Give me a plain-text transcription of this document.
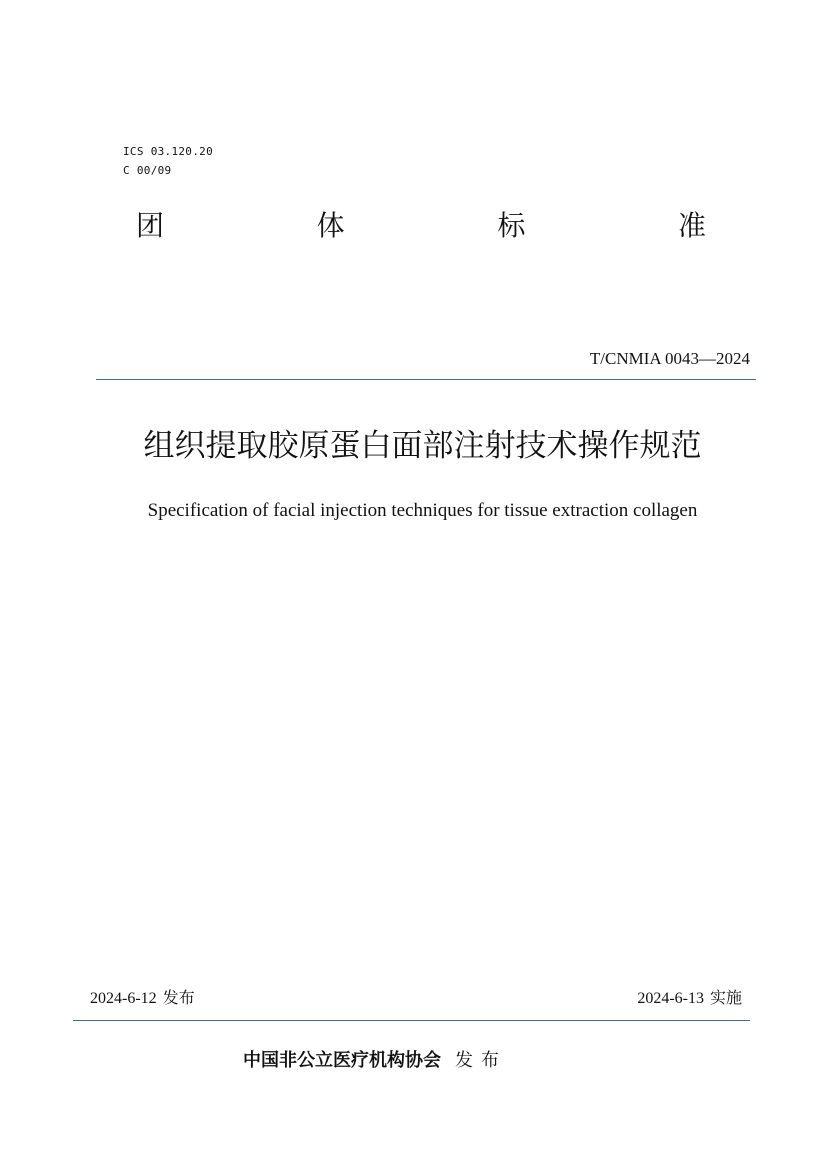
ICS 03.120.20
C 00/09
团	体	标	准
T/CNMIA 0043—2024
组织提取胶原蛋白面部注射技术操作规范
Specification of facial injection techniques for tissue extraction collagen
2024-6-12 发布	2024-6-13 实施
中国非公立医疗机构协会 发布
